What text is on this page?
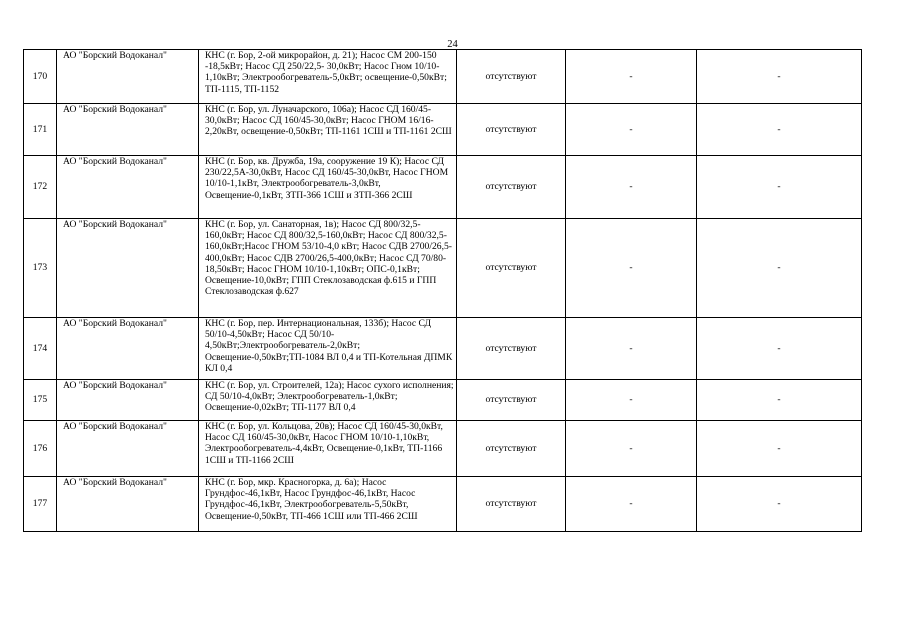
24
170	АО "Борский Водоканал"	КНС (г. Бор, 2-ой микрорайон, д. 21); Насос СМ 200-150 -18,5кВт; Насос СД 250/22,5- 30,0кВт; Насос Гном 10/10-1,10кВт; Электрообогреватель-5,0кВт; освещение-0,50кВт; ТП-1115, ТП-1152	отсутствуют	-	-
171	АО "Борский Водоканал"	КНС (г. Бор, ул. Луначарского, 106а); Насос СД 160/45-30,0кВт; Насос СД 160/45-30,0кВт; Насос ГНОМ 16/16-2,20кВт, освещение-0,50кВт; ТП-1161 1СШ и ТП-1161 2СШ	отсутствуют	-	-
172	АО "Борский Водоканал"	КНС (г. Бор, кв. Дружба, 19а, сооружение 19 К); Насос СД 230/22,5А-30,0кВт, Насос СД 160/45-30,0кВт, Насос ГНОМ 10/10-1,1кВт, Электрообогреватель-3,0кВт, Освещение-0,1кВт, ЗТП-366 1СШ и ЗТП-366 2СШ	отсутствуют	-	-
173	АО "Борский Водоканал"	КНС (г. Бор, ул. Санаторная, 1в); Насос СД 800/32,5-160,0кВт; Насос СД 800/32,5-160,0кВт; Насос СД 800/32,5-160,0кВт;Насос ГНОМ 53/10-4,0 кВт; Насос СДВ 2700/26,5-400,0кВт; Насос СДВ 2700/26,5-400,0кВт; Насос СД 70/80-18,50кВт; Насос ГНОМ 10/10-1,10кВт; ОПС-0,1кВт; Освещение-10,0кВт; ГПП Стеклозаводская ф.615 и ГПП Стеклозаводская ф.627	отсутствуют	-	-
174	АО "Борский Водоканал"	КНС (г. Бор, пер. Интернациональная, 133б); Насос СД 50/10-4,50кВт; Насос СД 50/10-4,50кВт;Электрообогреватель-2,0кВт; Освещение-0,50кВт;ТП-1084 ВЛ 0,4 и ТП-Котельная ДПМК КЛ 0,4	отсутствуют	-	-
175	АО "Борский Водоканал"	КНС (г. Бор, ул. Строителей, 12а); Насос сухого исполнения; СД 50/10-4,0кВт; Электрообогреватель-1,0кВт; Освещение-0,02кВт; ТП-1177 ВЛ 0,4	отсутствуют	-	-
176	АО "Борский Водоканал"	КНС (г. Бор, ул. Кольцова, 20в); Насос СД 160/45-30,0кВт, Насос СД 160/45-30,0кВт, Насос ГНОМ 10/10-1,10кВт, Электрообогреватель-4,4кВт, Освещение-0,1кВт, ТП-1166 1СШ и ТП-1166 2СШ	отсутствуют	-	-
177	АО "Борский Водоканал"	КНС (г. Бор, мкр. Красногорка, д. 6а); Насос Грундфос-46,1кВт, Насос Грундфос-46,1кВт, Насос Грундфос-46,1кВт, Электрообогреватель-5,50кВт, Освещение-0,50кВт, ТП-466 1СШ или ТП-466 2СШ	отсутствуют	-	-
